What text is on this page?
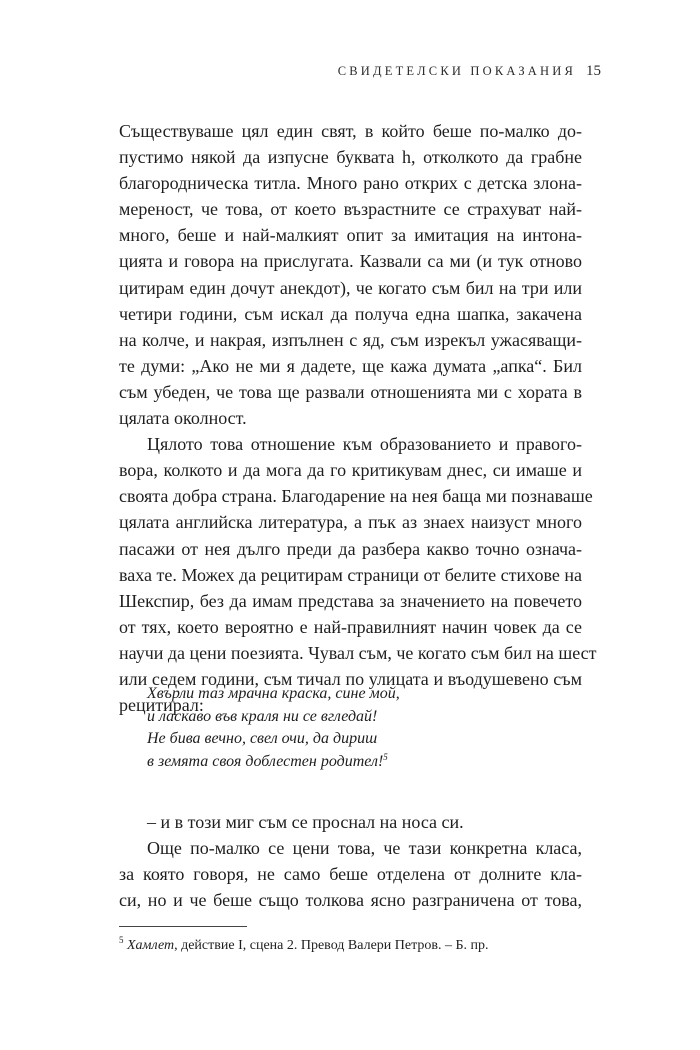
СВИДЕТЕЛСКИ ПОКАЗАНИЯ 15
Съществуваше цял един свят, в който беше по-малко до-
пустимо някой да изпусне буквата h, отколкото да грабне
благородническа титла. Много рано открих с детска злона-
мереност, че това, от което възрастните се страхуват най-
много, беше и най-малкият опит за имитация на интона-
цията и говора на прислугата. Казвали са ми (и тук отново
цитирам един дочут анекдот), че когато съм бил на три или
четири години, съм искал да получа една шапка, закачена
на колче, и накрая, изпълнен с яд, съм изрекъл ужасяващи-
те думи: „Ако не ми я дадете, ще кажа думата „апка“. Бил
съм убеден, че това ще развали отношенията ми с хората в
цялата околност.
Цялото това отношение към образованието и правого-
вора, колкото и да мога да го критикувам днес, си имаше и
своята добра страна. Благодарение на нея баща ми познаваше
цялата английска литература, а пък аз знаех наизуст много
пасажи от нея дълго преди да разбера какво точно означа-
ваха те. Можех да рецитирам страници от белите стихове на
Шекспир, без да имам представа за значението на повечето
от тях, което вероятно е най-правилният начин човек да се
научи да цени поезията. Чувал съм, че когато съм бил на шест
или седем години, съм тичал по улицата и въодушевено съм
рецитирал:
Хвърли таз мрачна краска, сине мой,
и ласкаво във краля ни се вгледай!
Не бива вечно, свел очи, да дириш
в земята своя доблестен родител!$^5$
– и в този миг съм се проснал на носа си.
Още по-малко се цени това, че тази конкретна класа,
за която говоря, не само беше отделена от долните кла-
си, но и че беше също толкова ясно разграничена от това,
$^5$ Хамлет, действие I, сцена 2. Превод Валери Петров. – Б. пр.
